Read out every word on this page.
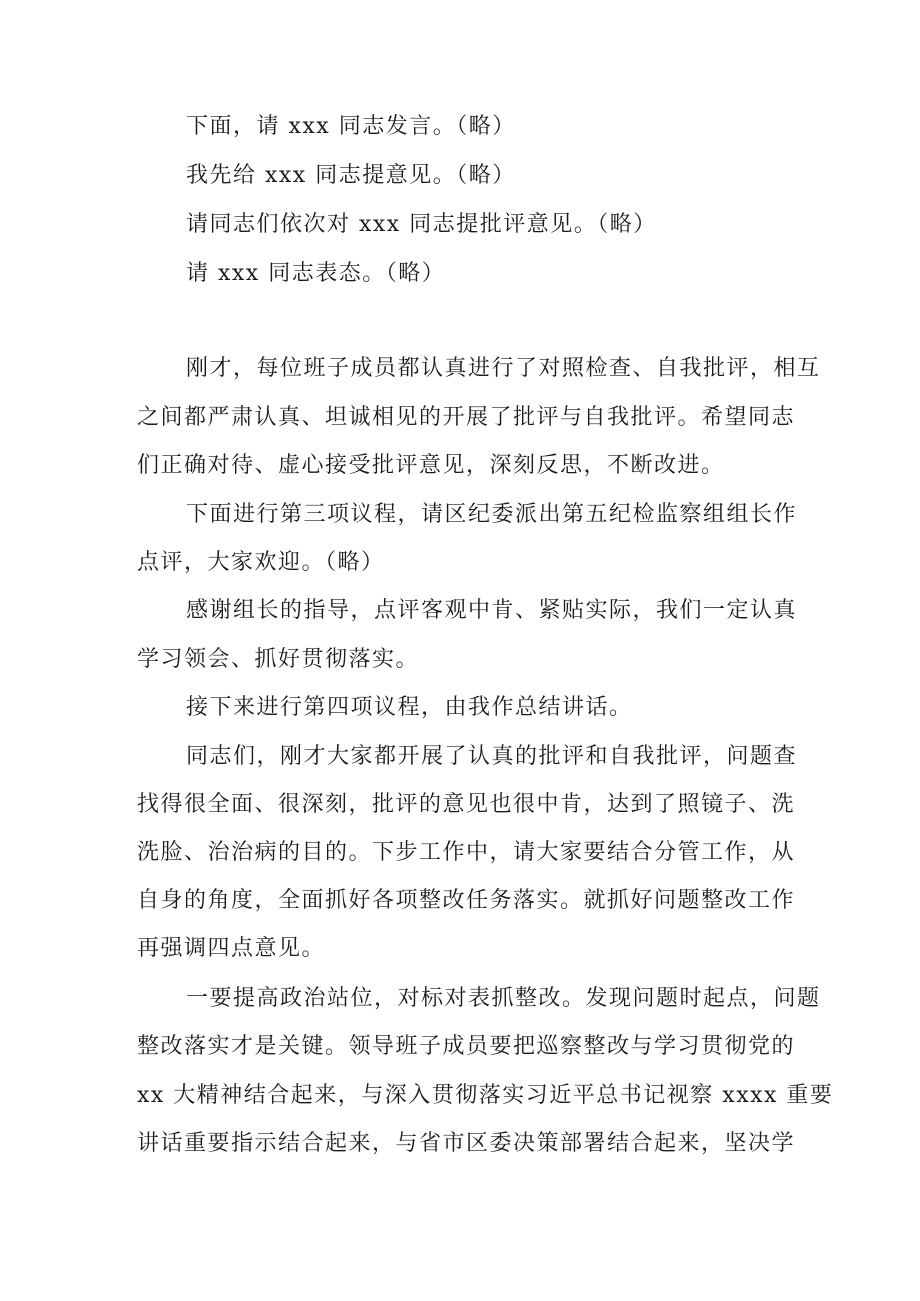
下面，请 xxx 同志发言。（略）
我先给 xxx 同志提意见。（略）
请同志们依次对 xxx 同志提批评意见。（略）
请 xxx 同志表态。（略）
刚才，每位班子成员都认真进行了对照检查、自我批评，相互
之间都严肃认真、坦诚相见的开展了批评与自我批评。希望同志
们正确对待、虚心接受批评意见，深刻反思，不断改进。
下面进行第三项议程，请区纪委派出第五纪检监察组组长作
点评，大家欢迎。（略）
感谢组长的指导，点评客观中肯、紧贴实际，我们一定认真
学习领会、抓好贯彻落实。
接下来进行第四项议程，由我作总结讲话。
同志们，刚才大家都开展了认真的批评和自我批评，问题查
找得很全面、很深刻，批评的意见也很中肯，达到了照镜子、洗
洗脸、治治病的目的。下步工作中，请大家要结合分管工作，从
自身的角度，全面抓好各项整改任务落实。就抓好问题整改工作
再强调四点意见。
一要提高政治站位，对标对表抓整改。发现问题时起点，问题
整改落实才是关键。领导班子成员要把巡察整改与学习贯彻党的
xx 大精神结合起来，与深入贯彻落实习近平总书记视察 xxxx 重要
讲话重要指示结合起来，与省市区委决策部署结合起来，坚决学
